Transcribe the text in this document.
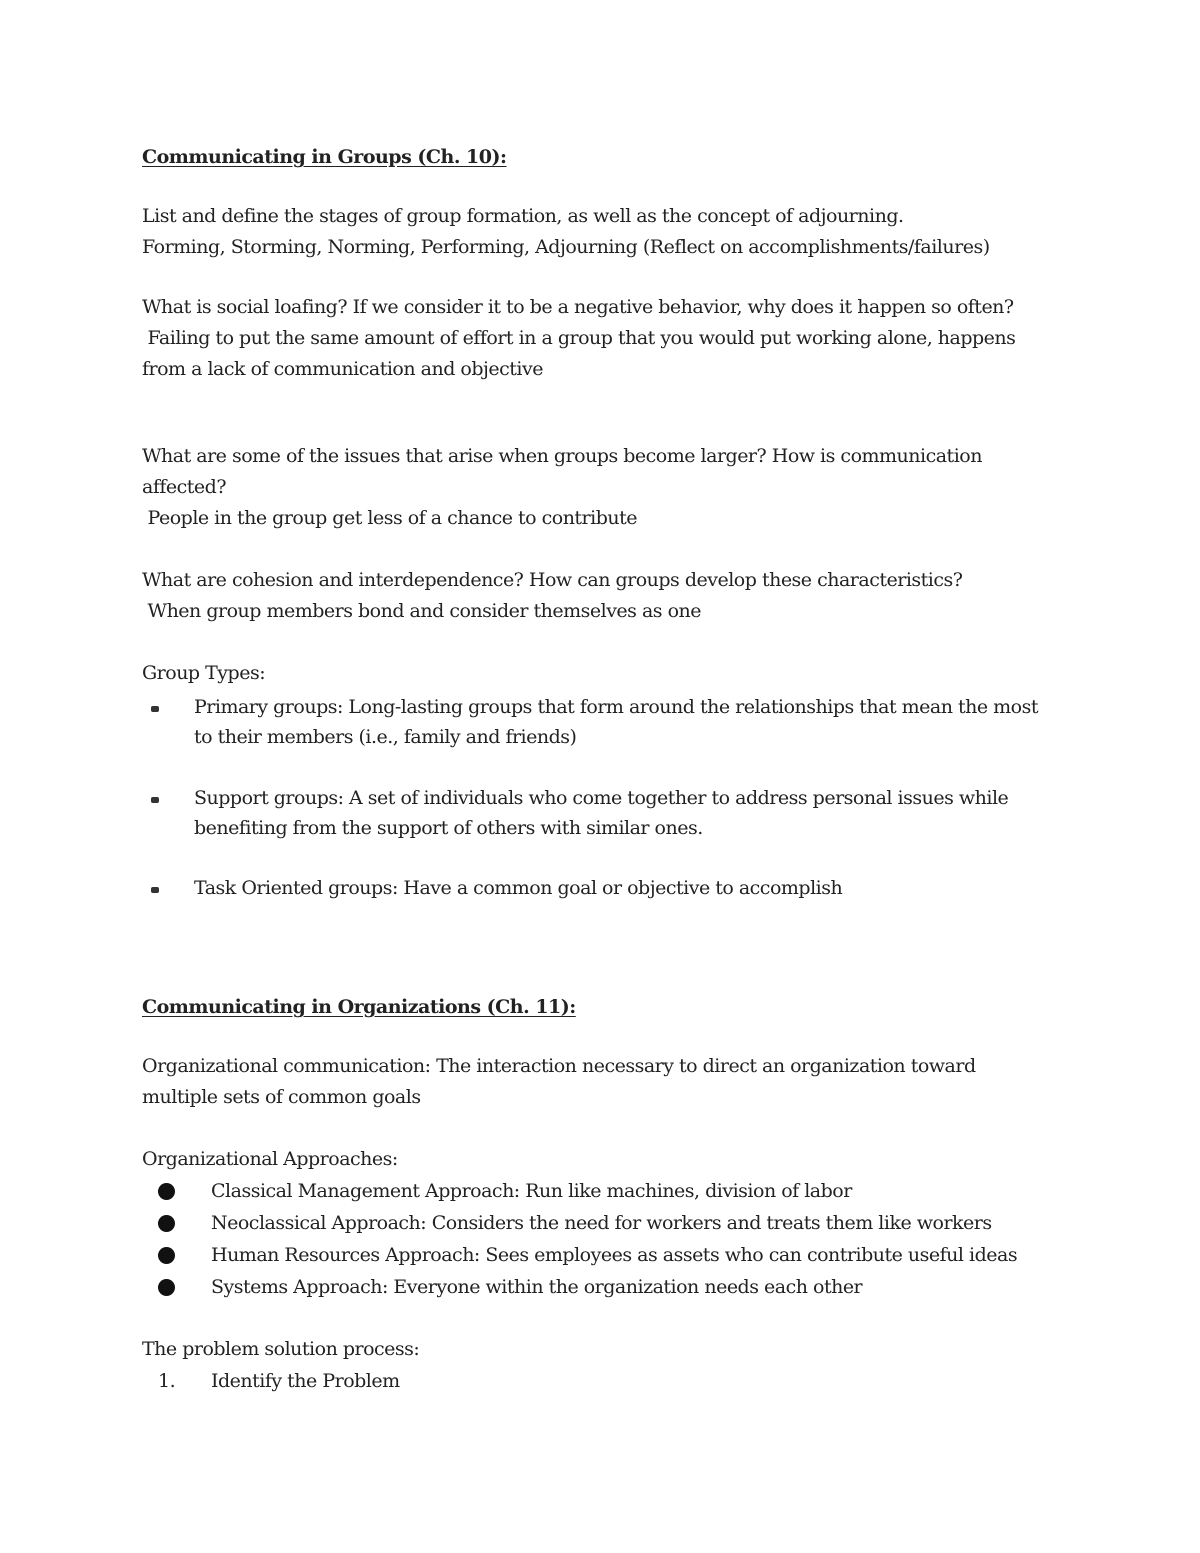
Communicating in Groups (Ch. 10):
List and define the stages of group formation, as well as the concept of adjourning.
Forming, Storming, Norming, Performing, Adjourning (Reflect on accomplishments/failures)
What is social loafing? If we consider it to be a negative behavior, why does it happen so often?
Failing to put the same amount of effort in a group that you would put working alone, happens
from a lack of communication and objective
What are some of the issues that arise when groups become larger? How is communication
affected?
People in the group get less of a chance to contribute
What are cohesion and interdependence? How can groups develop these characteristics?
When group members bond and consider themselves as one
Group Types:
Primary groups: Long-lasting groups that form around the relationships that mean the most
to their members (i.e., family and friends)
Support groups: A set of individuals who come together to address personal issues while
benefiting from the support of others with similar ones.
Task Oriented groups: Have a common goal or objective to accomplish
Communicating in Organizations (Ch. 11):
Organizational communication: The interaction necessary to direct an organization toward
multiple sets of common goals
Organizational Approaches:
Classical Management Approach: Run like machines, division of labor
Neoclassical Approach: Considers the need for workers and treats them like workers
Human Resources Approach: Sees employees as assets who can contribute useful ideas
Systems Approach: Everyone within the organization needs each other
The problem solution process:
1. Identify the Problem
